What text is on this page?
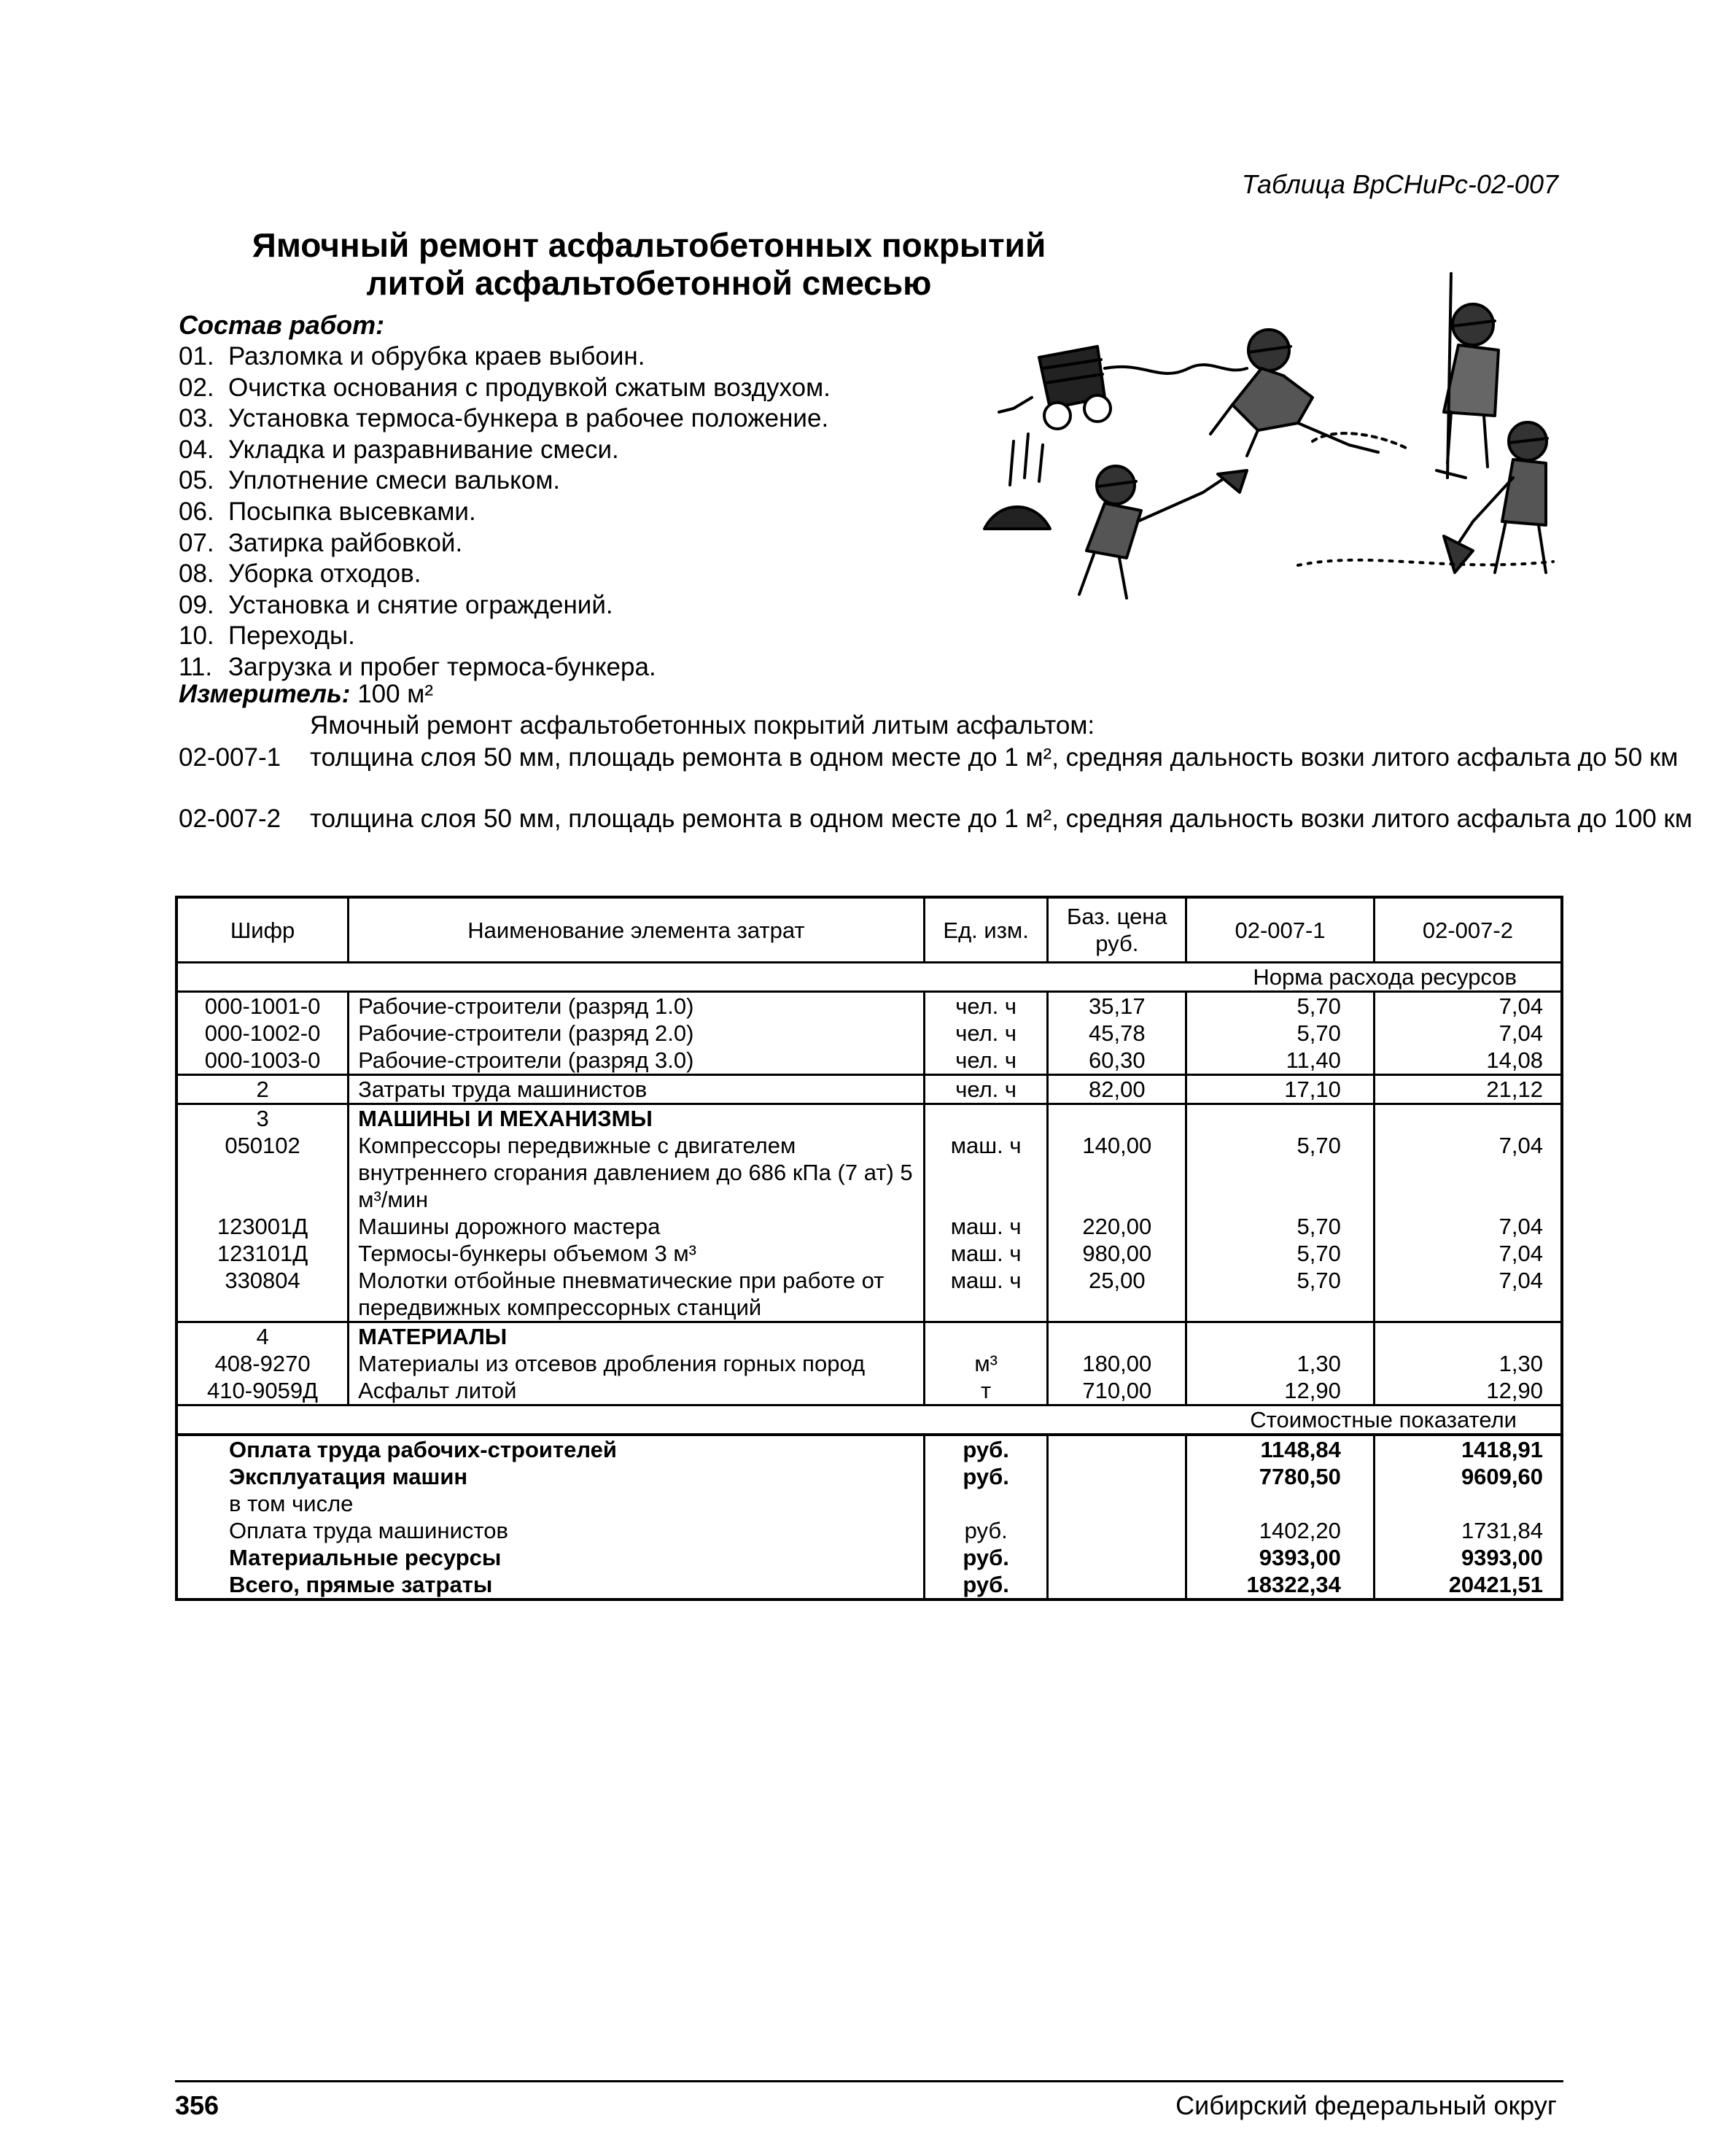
Таблица ВрСНиРс-02-007
Ямочный ремонт асфальтобетонных покрытий
литой асфальтобетонной смесью
Состав работ:
01. Разломка и обрубка краев выбоин.
02. Очистка основания с продувкой сжатым воздухом.
03. Установка термоса-бункера в рабочее положение.
04. Укладка и разравнивание смеси.
05. Уплотнение смеси вальком.
06. Посыпка высевками.
07. Затирка райбовкой.
08. Уборка отходов.
09. Установка и снятие ограждений.
10. Переходы.
11. Загрузка и пробег термоса-бункера.
Измеритель: 100 м²
Ямочный ремонт асфальтобетонных покрытий литым асфальтом:
02-007-1	толщина слоя 50 мм, площадь ремонта в одном месте до 1 м², средняя дальность возки литого асфальта до 50 км
02-007-2	толщина слоя 50 мм, площадь ремонта в одном месте до 1 м², средняя дальность возки литого асфальта до 100 км
Шифр	Наименование элемента затрат	Ед. изм.	Баз. цена руб.	02-007-1	02-007-2
Норма расхода ресурсов					
000-1001-0	Рабочие-строители (разряд 1.0)	чел. ч	35,17	5,70	7,04
000-1002-0	Рабочие-строители (разряд 2.0)	чел. ч	45,78	5,70	7,04
000-1003-0	Рабочие-строители (разряд 3.0)	чел. ч	60,30	11,40	14,08
2	Затраты труда машинистов	чел. ч	82,00	17,10	21,12
3	МАШИНЫ И МЕХАНИЗМЫ				
050102	Компрессоры передвижные с двигателем внутреннего сгорания давлением до 686 кПа (7 ат) 5 м³/мин	маш. ч	140,00	5,70	7,04
123001Д	Машины дорожного мастера	маш. ч	220,00	5,70	7,04
123101Д	Термосы-бункеры объемом 3 м³	маш. ч	980,00	5,70	7,04
330804	Молотки отбойные пневматические при работе от передвижных компрессорных станций	маш. ч	25,00	5,70	7,04
4	МАТЕРИАЛЫ				
408-9270	Материалы из отсевов дробления горных пород	м³	180,00	1,30	1,30
410-9059Д	Асфальт литой	т	710,00	12,90	12,90
Стоимостные показатели					
Оплата труда рабочих-строителей		руб.		1148,84	1418,91
Эксплуатация машин		руб.		7780,50	9609,60
в том числе					
Оплата труда машинистов		руб.		1402,20	1731,84
Материальные ресурсы		руб.		9393,00	9393,00
Всего, прямые затраты		руб.		18322,34	20421,51
356	Сибирский федеральный округ
